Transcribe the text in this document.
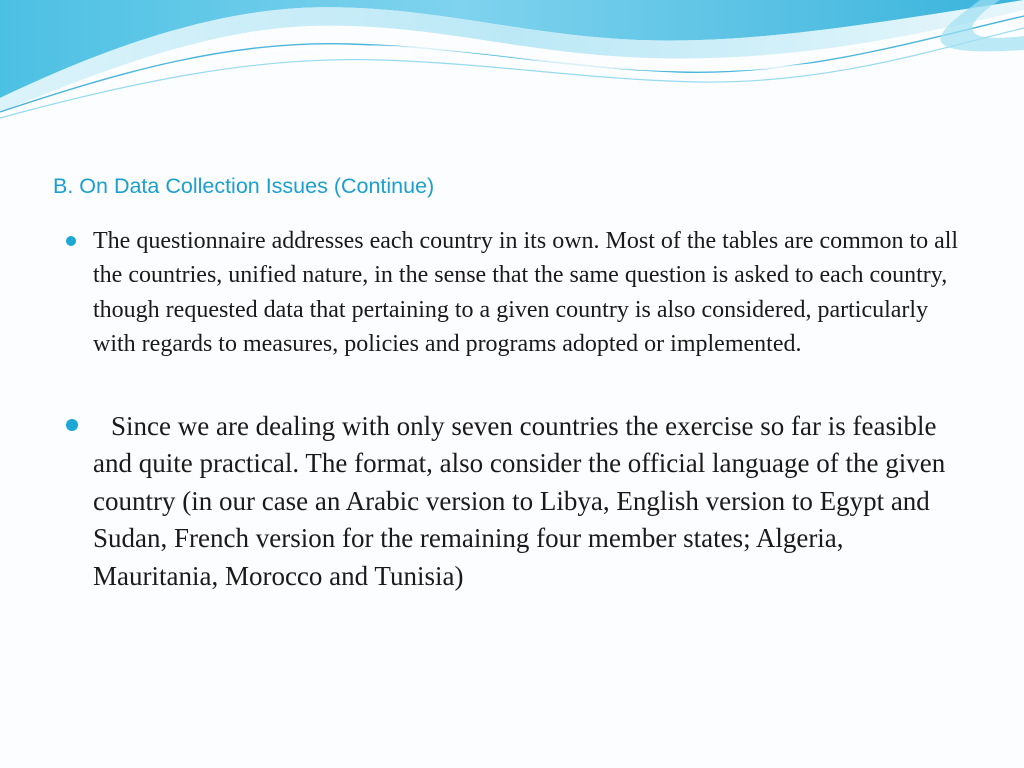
B. On Data Collection Issues (Continue)
The questionnaire addresses each country in its own. Most of the tables are common to all the countries, unified nature, in the sense that the same question is asked to each country, though requested data that pertaining to a given country is also considered, particularly with regards to measures, policies and programs adopted or implemented.
Since we are dealing with only seven countries the exercise so far is feasible and quite practical. The format, also consider the official language of the given country (in our case an Arabic version to Libya, English version to Egypt and Sudan, French version for the remaining four member states; Algeria, Mauritania, Morocco and Tunisia)
